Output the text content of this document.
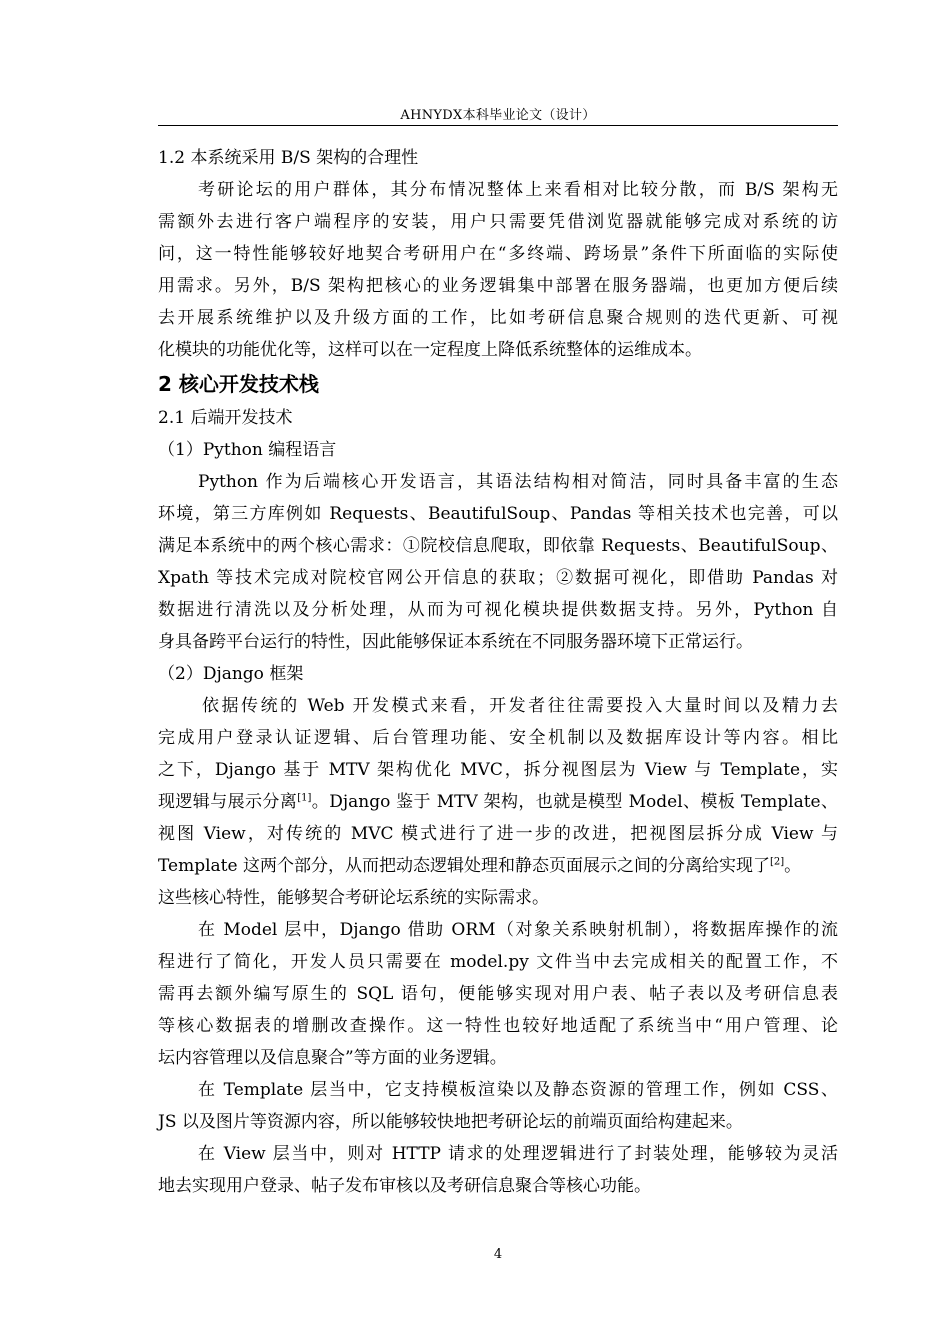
AHNYDX本科毕业论文（设计）
1.2 本系统采用 B/S 架构的合理性
考研论坛的用户群体，其分布情况整体上来看相对比较分散，而 B/S 架构无
需额外去进行客户端程序的安装，用户只需要凭借浏览器就能够完成对系统的访
问，这一特性能够较好地契合考研用户在“多终端、跨场景”条件下所面临的实际使
用需求。另外，B/S 架构把核心的业务逻辑集中部署在服务器端，也更加方便后续
去开展系统维护以及升级方面的工作，比如考研信息聚合规则的迭代更新、可视
化模块的功能优化等，这样可以在一定程度上降低系统整体的运维成本。
2 核心开发技术栈
2.1 后端开发技术
（1）Python 编程语言
Python 作为后端核心开发语言，其语法结构相对简洁，同时具备丰富的生态
环境，第三方库例如 Requests、BeautifulSoup、Pandas 等相关技术也完善，可以
满足本系统中的两个核心需求：①院校信息爬取，即依靠 Requests、BeautifulSoup、
Xpath 等技术完成对院校官网公开信息的获取；②数据可视化，即借助 Pandas 对
数据进行清洗以及分析处理，从而为可视化模块提供数据支持。另外，Python 自
身具备跨平台运行的特性，因此能够保证本系统在不同服务器环境下正常运行。
（2）Django 框架
依据传统的 Web 开发模式来看，开发者往往需要投入大量时间以及精力去
完成用户登录认证逻辑、后台管理功能、安全机制以及数据库设计等内容。相比
之下，Django 基于 MTV 架构优化 MVC，拆分视图层为 View 与 Template，实
现逻辑与展示分离[1]。Django 鉴于 MTV 架构，也就是模型 Model、模板 Template、
视图 View，对传统的 MVC 模式进行了进一步的改进，把视图层拆分成 View 与
Template 这两个部分，从而把动态逻辑处理和静态页面展示之间的分离给实现了[2]。
这些核心特性，能够契合考研论坛系统的实际需求。
在 Model 层中，Django 借助 ORM（对象关系映射机制），将数据库操作的流
程进行了简化，开发人员只需要在 model.py 文件当中去完成相关的配置工作，不
需再去额外编写原生的 SQL 语句，便能够实现对用户表、帖子表以及考研信息表
等核心数据表的增删改查操作。这一特性也较好地适配了系统当中“用户管理、论
坛内容管理以及信息聚合”等方面的业务逻辑。
在 Template 层当中，它支持模板渲染以及静态资源的管理工作，例如 CSS、
JS 以及图片等资源内容，所以能够较快地把考研论坛的前端页面给构建起来。
在 View 层当中，则对 HTTP 请求的处理逻辑进行了封装处理，能够较为灵活
地去实现用户登录、帖子发布审核以及考研信息聚合等核心功能。
4
